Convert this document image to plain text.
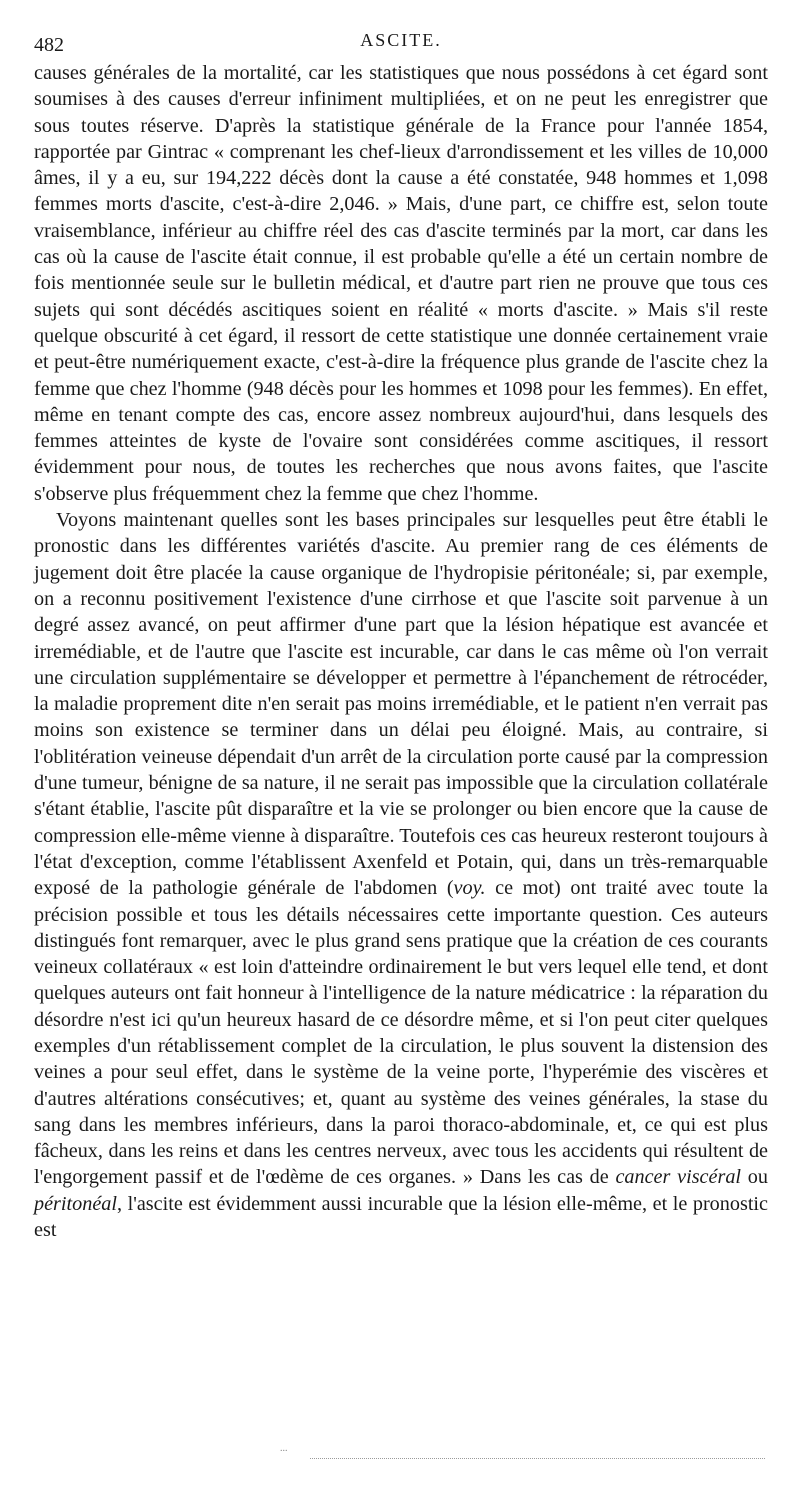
482	ASCITE.

causes générales de la mortalité, car les statistiques que nous possédons à cet égard sont soumises à des causes d'erreur infiniment multipliées, et on ne peut les enregistrer que sous toutes réserve. D'après la statistique générale de la France pour l'année 1854, rapportée par Gintrac « comprenant les chef-lieux d'arrondissement et les villes de 10,000 âmes, il y a eu, sur 194,222 décès dont la cause a été constatée, 948 hommes et 1,098 femmes morts d'ascite, c'est-à-dire 2,046. » Mais, d'une part, ce chiffre est, selon toute vraisemblance, inférieur au chiffre réel des cas d'ascite terminés par la mort, car dans les cas où la cause de l'ascite était connue, il est probable qu'elle a été un certain nombre de fois mentionnée seule sur le bulletin médical, et d'autre part rien ne prouve que tous ces sujets qui sont décédés ascitiques soient en réalité « morts d'ascite. » Mais s'il reste quelque obscurité à cet égard, il ressort de cette statistique une donnée certainement vraie et peut-être numériquement exacte, c'est-à-dire la fréquence plus grande de l'ascite chez la femme que chez l'homme (948 décès pour les hommes et 1098 pour les femmes). En effet, même en tenant compte des cas, encore assez nombreux aujourd'hui, dans lesquels des femmes atteintes de kyste de l'ovaire sont considérées comme ascitiques, il ressort évidemment pour nous, de toutes les recherches que nous avons faites, que l'ascite s'observe plus fréquemment chez la femme que chez l'homme.

Voyons maintenant quelles sont les bases principales sur lesquelles peut être établi le pronostic dans les différentes variétés d'ascite. Au premier rang de ces éléments de jugement doit être placée la cause organique de l'hydropisie péritonéale; si, par exemple, on a reconnu positivement l'existence d'une cirrhose et que l'ascite soit parvenue à un degré assez avancé, on peut affirmer d'une part que la lésion hépatique est avancée et irremédiable, et de l'autre que l'ascite est incurable, car dans le cas même où l'on verrait une circulation supplémentaire se développer et permettre à l'épanchement de rétrocéder, la maladie proprement dite n'en serait pas moins irremédiable, et le patient n'en verrait pas moins son existence se terminer dans un délai peu éloigné. Mais, au contraire, si l'oblitération veineuse dépendait d'un arrêt de la circulation porte causé par la compression d'une tumeur, bénigne de sa nature, il ne serait pas impossible que la circulation collatérale s'étant établie, l'ascite pût disparaître et la vie se prolonger ou bien encore que la cause de compression elle-même vienne à disparaître. Toutefois ces cas heureux resteront toujours à l'état d'exception, comme l'établissent Axenfeld et Potain, qui, dans un très-remarquable exposé de la pathologie générale de l'abdomen (voy. ce mot) ont traité avec toute la précision possible et tous les détails nécessaires cette importante question. Ces auteurs distingués font remarquer, avec le plus grand sens pratique que la création de ces courants veineux collatéraux « est loin d'atteindre ordinairement le but vers lequel elle tend, et dont quelques auteurs ont fait honneur à l'intelligence de la nature médicatrice : la réparation du désordre n'est ici qu'un heureux hasard de ce désordre même, et si l'on peut citer quelques exemples d'un rétablissement complet de la circulation, le plus souvent la distension des veines a pour seul effet, dans le système de la veine porte, l'hyperémie des viscères et d'autres altérations consécutives; et, quant au système des veines générales, la stase du sang dans les membres inférieurs, dans la paroi thoraco-abdominale, et, ce qui est plus fâcheux, dans les reins et dans les centres nerveux, avec tous les accidents qui résultent de l'engorgement passif et de l'œdème de ces organes. » Dans les cas de cancer viscéral ou péritonéal, l'ascite est évidemment aussi incurable que la lésion elle-même, et le pronostic est

...
